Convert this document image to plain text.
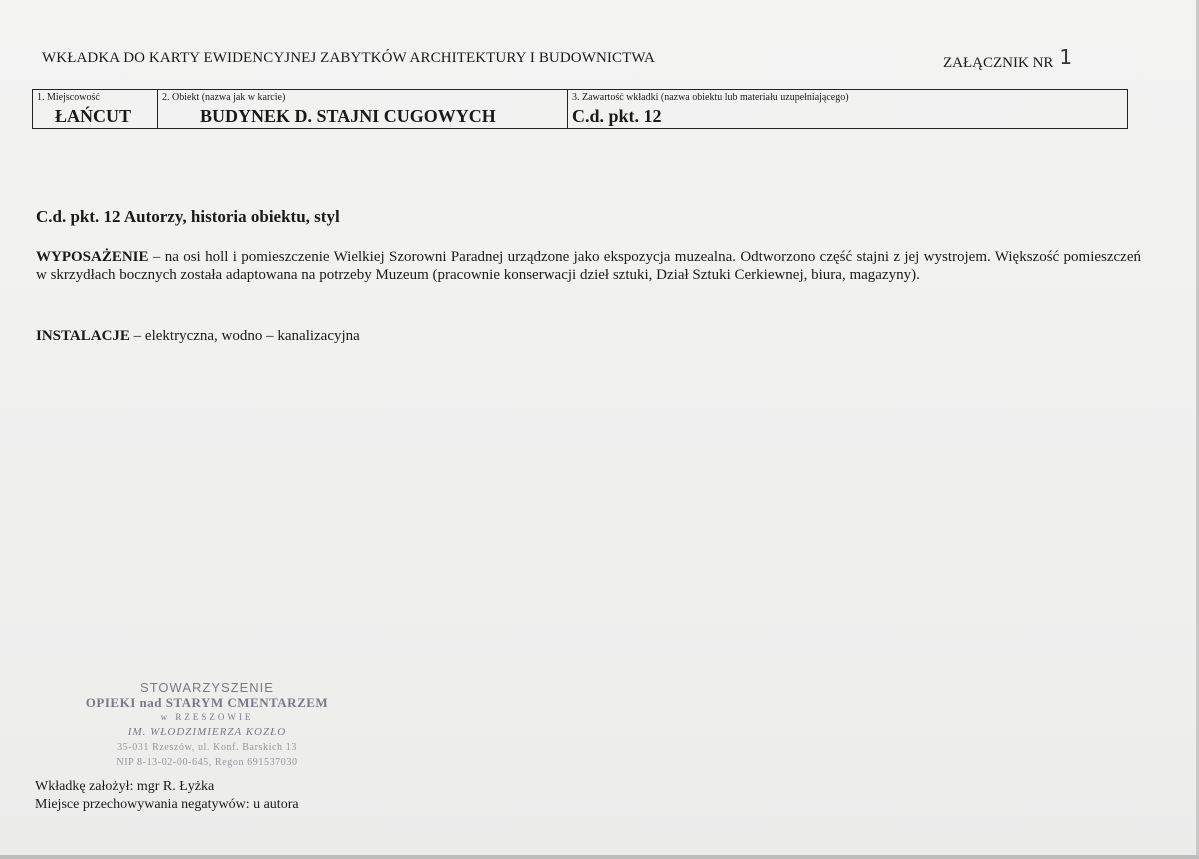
WKŁADKA DO KARTY EWIDENCYJNEJ ZABYTKÓW ARCHITEKTURY I BUDOWNICTWA	ZAŁĄCZNIK NR 1
1. Miejscowość
ŁAŃCUT
2. Obiekt (nazwa jak w karcie)
BUDYNEK D. STAJNI CUGOWYCH
3. Zawartość wkładki (nazwa obiektu lub materiału uzupełniającego)
C.d. pkt. 12
C.d. pkt. 12 Autorzy, historia obiektu, styl
WYPOSAŻENIE – na osi holl i pomieszczenie Wielkiej Szorowni Paradnej urządzone jako ekspozycja muzealna. Odtworzono część stajni z jej wystrojem. Większość pomieszczeń w skrzydłach bocznych została adaptowana na potrzeby Muzeum (pracownie konserwacji dzieł sztuki, Dział Sztuki Cerkiewnej, biura, magazyny).
INSTALACJE – elektryczna, wodno – kanalizacyjna
STOWARZYSZENIE
OPIEKI nad STARYM CMENTARZEM
w RZESZOWIE
IM. WŁODZIMIERZA KOZŁO
35-031 Rzeszów, ul. Konf. Barskich 13
NIP 8-13-02-00-645, Regon 691537030
Wkładkę założył: mgr R. Łyżka
Miejsce przechowywania negatywów: u autora
